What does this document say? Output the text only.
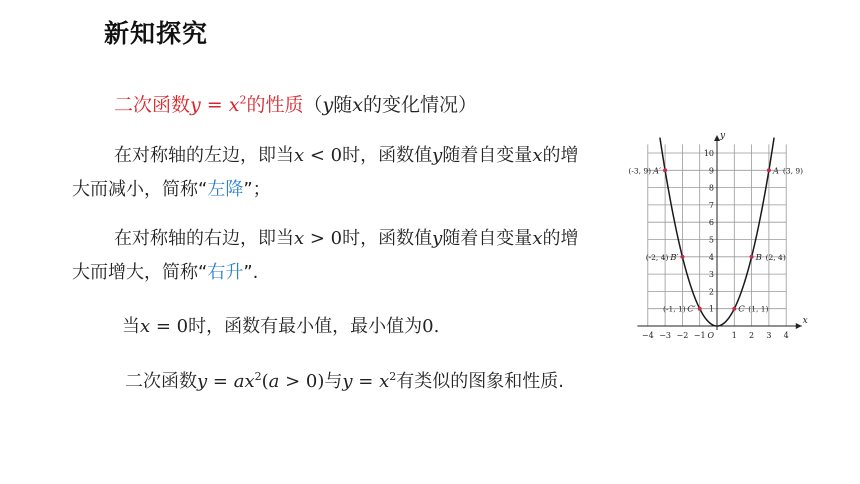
新知探究
二次函数$y = x^2$的性质（y随x的变化情况）
在对称轴的左边，即当x < 0时，函数值y随着自变量x的增大而减小，简称“左降”；
在对称轴的右边，即当x > 0时，函数值y随着自变量x的增大而增大，简称“右升”.
当x = 0时，函数有最小值，最小值为0.
二次函数$y = ax^2(a > 0)$与$y = x^2$有类似的图象和性质.
x
y
O
−4 −3 −2 −1	1 2 3 4
1
2
3
4
5
6
7
8
9
10
A′
(-3, 9)	A (3, 9)
B′
(-2, 4)	B (2, 4)
C′
(-1, 1)	C (1, 1)
